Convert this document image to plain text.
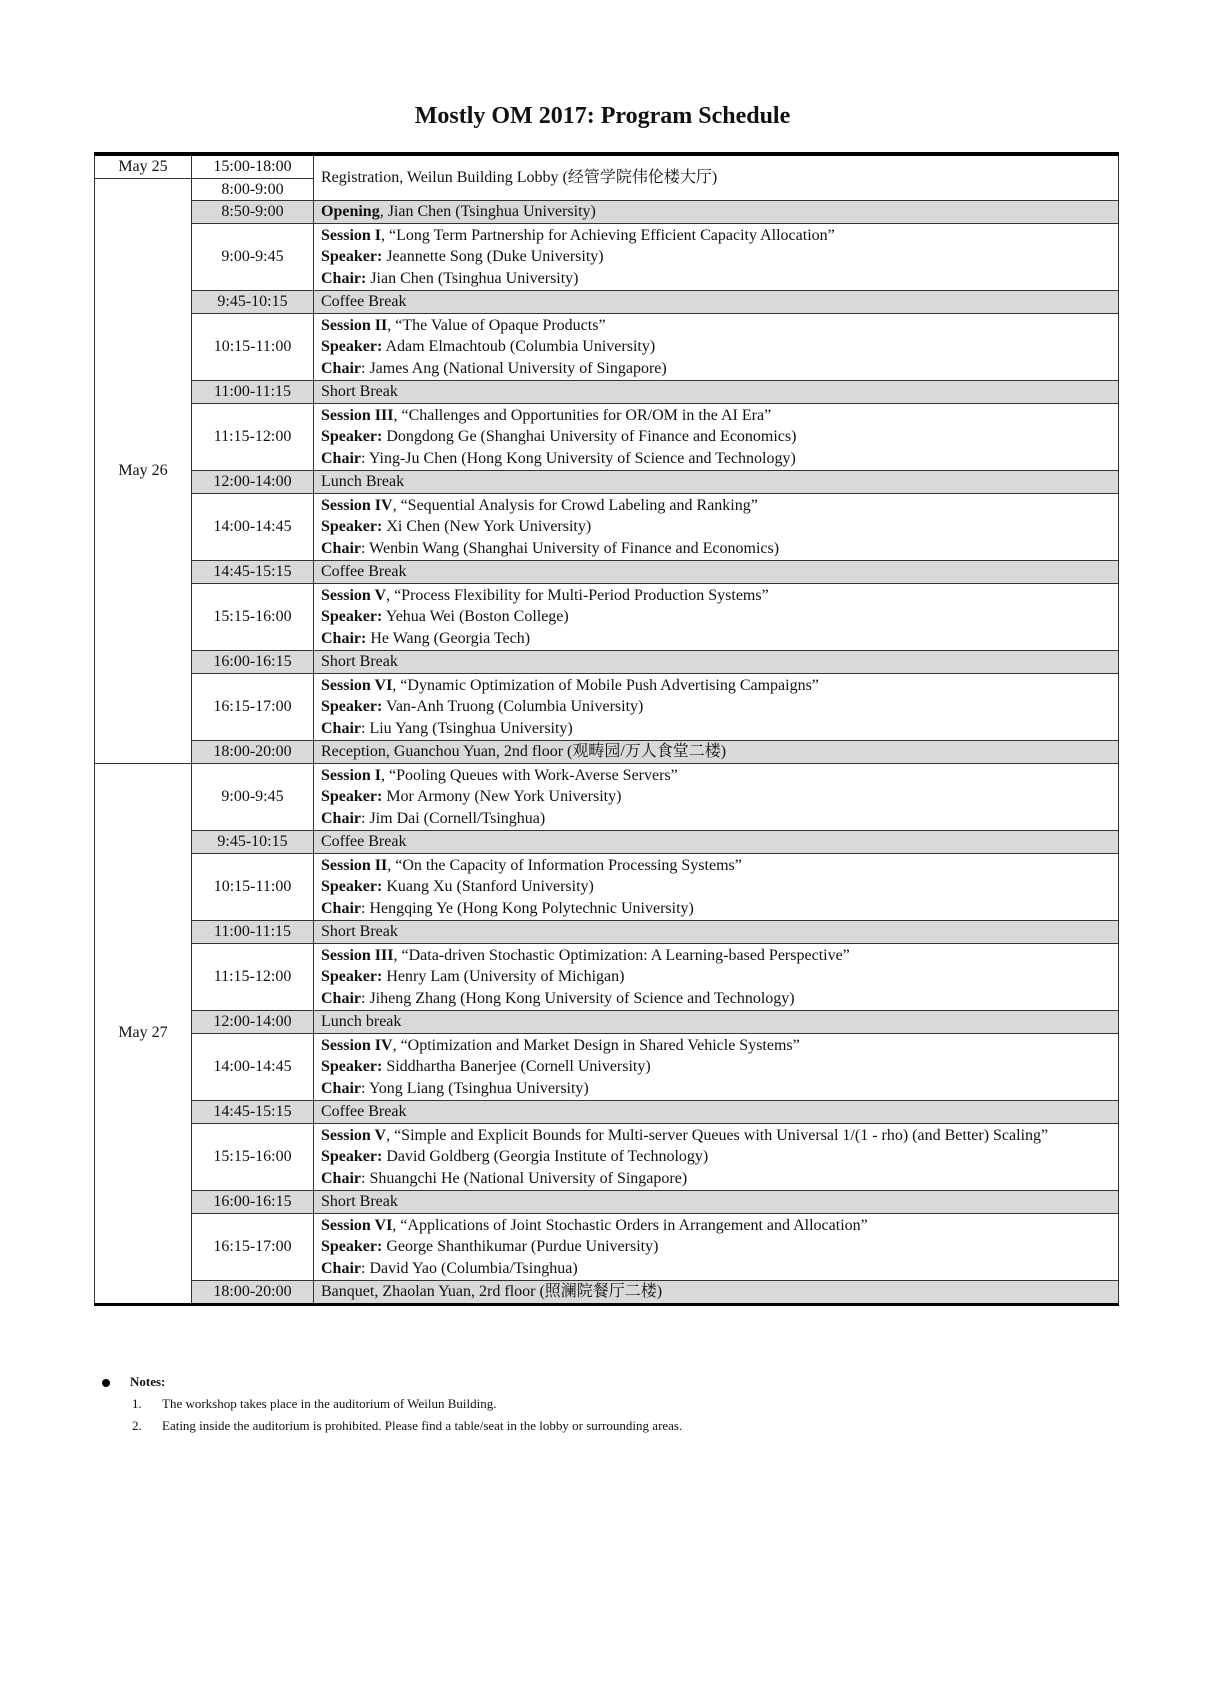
Mostly OM 2017: Program Schedule
May 25	15:00-18:00	Registration, Weilun Building Lobby (经管学院伟伦楼大厅)
May 26	8:00-9:00	
	8:50-9:00	Opening, Jian Chen (Tsinghua University)
	9:00-9:45	Session I, “Long Term Partnership for Achieving Efficient Capacity Allocation”
Speaker: Jeannette Song (Duke University)
Chair: Jian Chen (Tsinghua University)

	9:45-10:15	Coffee Break
	10:15-11:00	Session II, “The Value of Opaque Products”
Speaker: Adam Elmachtoub (Columbia University)
Chair: James Ang (National University of Singapore)

	11:00-11:15	Short Break
	11:15-12:00	Session III, “Challenges and Opportunities for OR/OM in the AI Era”
Speaker: Dongdong Ge (Shanghai University of Finance and Economics)
Chair: Ying-Ju Chen (Hong Kong University of Science and Technology)

	12:00-14:00	Lunch Break
	14:00-14:45	Session IV, “Sequential Analysis for Crowd Labeling and Ranking”
Speaker: Xi Chen (New York University)
Chair: Wenbin Wang (Shanghai University of Finance and Economics)

	14:45-15:15	Coffee Break
	15:15-16:00	Session V, “Process Flexibility for Multi-Period Production Systems”
Speaker: Yehua Wei (Boston College)
Chair: He Wang (Georgia Tech)

	16:00-16:15	Short Break
	16:15-17:00	Session VI, “Dynamic Optimization of Mobile Push Advertising Campaigns”
Speaker: Van-Anh Truong (Columbia University)
Chair: Liu Yang (Tsinghua University)

	18:00-20:00	Reception, Guanchou Yuan, 2nd floor (观畴园/万人食堂二楼)
May 27	9:00-9:45	Session I, “Pooling Queues with Work-Averse Servers”
Speaker: Mor Armony (New York University)
Chair: Jim Dai (Cornell/Tsinghua)

	9:45-10:15	Coffee Break
	10:15-11:00	Session II, “On the Capacity of Information Processing Systems”
Speaker: Kuang Xu (Stanford University)
Chair: Hengqing Ye (Hong Kong Polytechnic University)

	11:00-11:15	Short Break
	11:15-12:00	Session III, “Data-driven Stochastic Optimization: A Learning-based Perspective”
Speaker: Henry Lam (University of Michigan)
Chair: Jiheng Zhang (Hong Kong University of Science and Technology)

	12:00-14:00	Lunch break
	14:00-14:45	Session IV, “Optimization and Market Design in Shared Vehicle Systems”
Speaker: Siddhartha Banerjee (Cornell University)
Chair: Yong Liang (Tsinghua University)

	14:45-15:15	Coffee Break
	15:15-16:00	Session V, “Simple and Explicit Bounds for Multi-server Queues with Universal 1/(1 - rho) (and Better) Scaling”
Speaker: David Goldberg (Georgia Institute of Technology)
Chair: Shuangchi He (National University of Singapore)

	16:00-16:15	Short Break
	16:15-17:00	Session VI, “Applications of Joint Stochastic Orders in Arrangement and Allocation”
Speaker: George Shanthikumar (Purdue University)
Chair: David Yao (Columbia/Tsinghua)

	18:00-20:00	Banquet, Zhaolan Yuan, 2rd floor (照澜院餐厅二楼)
Notes:
1. The workshop takes place in the auditorium of Weilun Building.
2. Eating inside the auditorium is prohibited. Please find a table/seat in the lobby or surrounding areas.
